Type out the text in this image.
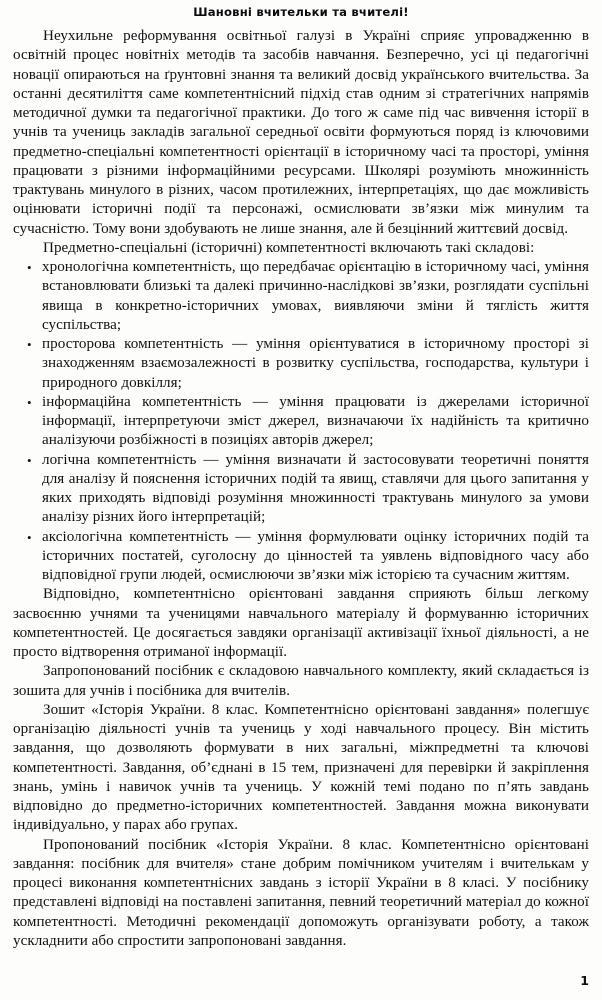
Шановні вчительки та вчителі!

Неухильне реформування освітньої галузі в Україні сприяє упровадженню в освітній процес новітніх методів та засобів навчання. Безперечно, усі ці педагогічні новації опираються на ґрунтовні знання та великий досвід українського вчительства. За останні десятиліття саме компетентнісний підхід став одним зі стратегічних напрямів методичної думки та педагогічної практики. До того ж саме під час вивчення історії в учнів та учениць закладів загальної середньої освіти формуються поряд із ключовими предметно-спеціальні компетентності орієнтації в історичному часі та просторі, уміння працювати з різними інформаційними ресурсами. Школярі розуміють множинність трактувань минулого в різних, часом протилежних, інтерпретаціях, що дає можливість оцінювати історичні події та персонажі, осмислювати зв’язки між минулим та сучасністю. Тому вони здобувають не лише знання, але й безцінний життєвий досвід.

Предметно-спеціальні (історичні) компетентності включають такі складові:

• хронологічна компетентність, що передбачає орієнтацію в історичному часі, уміння встановлювати близькі та далекі причинно-наслідкові зв’язки, розглядати суспільні явища в конкретно-історичних умовах, виявляючи зміни й тяглість життя суспільства;
• просторова компетентність — уміння орієнтуватися в історичному просторі зі знаходженням взаємозалежності в розвитку суспільства, господарства, культури і природного довкілля;
• інформаційна компетентність — уміння працювати із джерелами історичної інформації, інтерпретуючи зміст джерел, визначаючи їх надійність та критично аналізуючи розбіжності в позиціях авторів джерел;
• логічна компетентність — уміння визначати й застосовувати теоретичні поняття для аналізу й пояснення історичних подій та явищ, ставлячи для цього запитання у яких приходять відповіді розуміння множинності трактувань минулого за умови аналізу різних його інтерпретацій;
• аксіологічна компетентність — уміння формулювати оцінку історичних подій та історичних постатей, суголосну до цінностей та уявлень відповідного часу або відповідної групи людей, осмислюючи зв’язки між історією та сучасним життям.

Відповідно, компетентнісно орієнтовані завдання сприяють більш легкому засвоєнню учнями та ученицями навчального матеріалу й формуванню історичних компетентностей. Це досягається завдяки організації активізації їхньої діяльності, а не просто відтворення отриманої інформації.

Запропонований посібник є складовою навчального комплекту, який складається із зошита для учнів і посібника для вчителів.

Зошит «Історія України. 8 клас. Компетентнісно орієнтовані завдання» полегшує організацію діяльності учнів та учениць у ході навчального процесу. Він містить завдання, що дозволяють формувати в них загальні, міжпредметні та ключові компетентності. Завдання, об’єднані в 15 тем, призначені для перевірки й закріплення знань, умінь і навичок учнів та учениць. У кожній темі подано по п’ять завдань відповідно до предметно-історичних компетентностей. Завдання можна виконувати індивідуально, у парах або групах.

Пропонований посібник «Історія України. 8 клас. Компетентнісно орієнтовані завдання: посібник для вчителя» стане добрим помічником учителям і вчителькам у процесі виконання компетентнісних завдань з історії України в 8 класі. У посібнику представлені відповіді на поставлені запитання, певний теоретичний матеріал до кожної компетентності. Методичні рекомендації допоможуть організувати роботу, а також ускладнити або спростити запропоновані завдання.

1
